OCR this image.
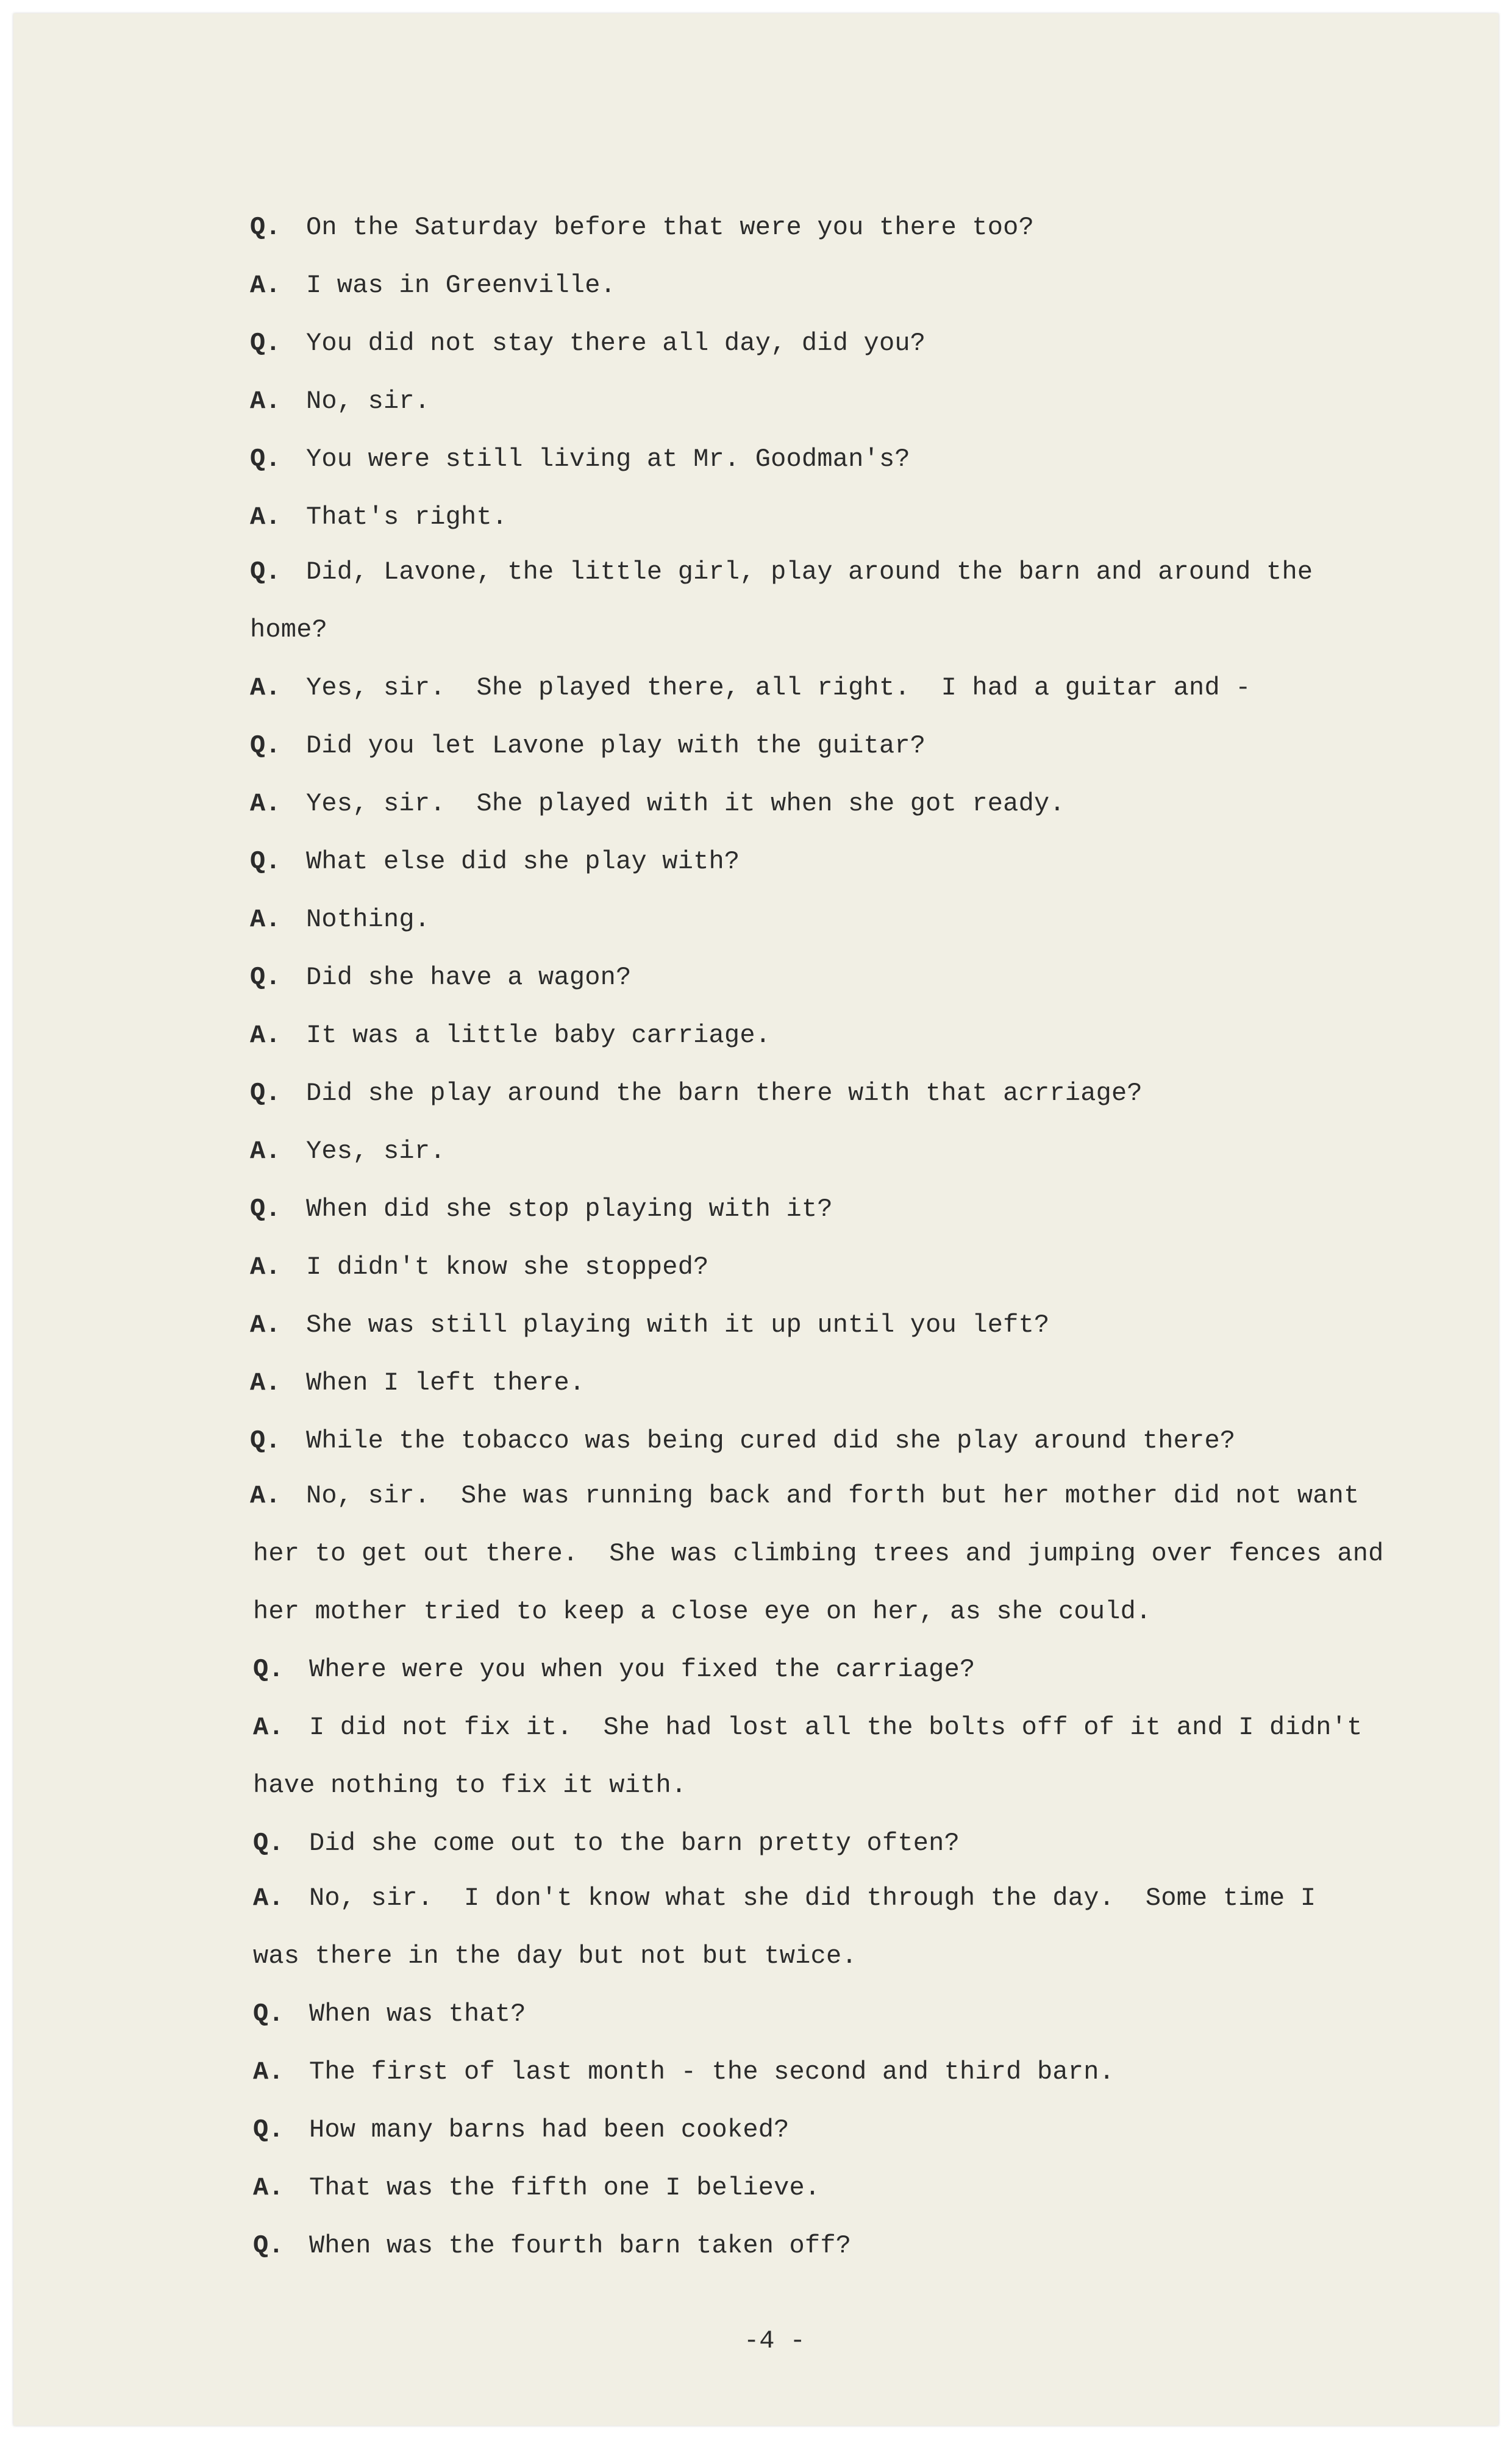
Q. On the Saturday before that were you there too?
A. I was in Greenville.
Q. You did not stay there all day, did you?
A. No, sir.
Q. You were still living at Mr. Goodman's?
A. That's right.
Q. Did, Lavone, the little girl, play around the barn and around the
home?
A. Yes, sir.  She played there, all right.  I had a guitar and -
Q. Did you let Lavone play with the guitar?
A. Yes, sir.  She played with it when she got ready.
Q. What else did she play with?
A. Nothing.
Q. Did she have a wagon?
A. It was a little baby carriage.
Q. Did she play around the barn there with that acrriage?
A. Yes, sir.
Q. When did she stop playing with it?
A. I didn't know she stopped?
A. She was still playing with it up until you left?
A. When I left there.
Q. While the tobacco was being cured did she play around there?
A. No, sir.  She was running back and forth but her mother did not want
her to get out there.  She was climbing trees and jumping over fences and
her mother tried to keep a close eye on her, as she could.
Q. Where were you when you fixed the carriage?
A. I did not fix it.  She had lost all the bolts off of it and I didn't
have nothing to fix it with.
Q. Did she come out to the barn pretty often?
A. No, sir.  I don't know what she did through the day.  Some time I
was there in the day but not but twice.
Q. When was that?
A. The first of last month - the second and third barn.
Q. How many barns had been cooked?
A. That was the fifth one I believe.
Q. When was the fourth barn taken off?
-4 -
